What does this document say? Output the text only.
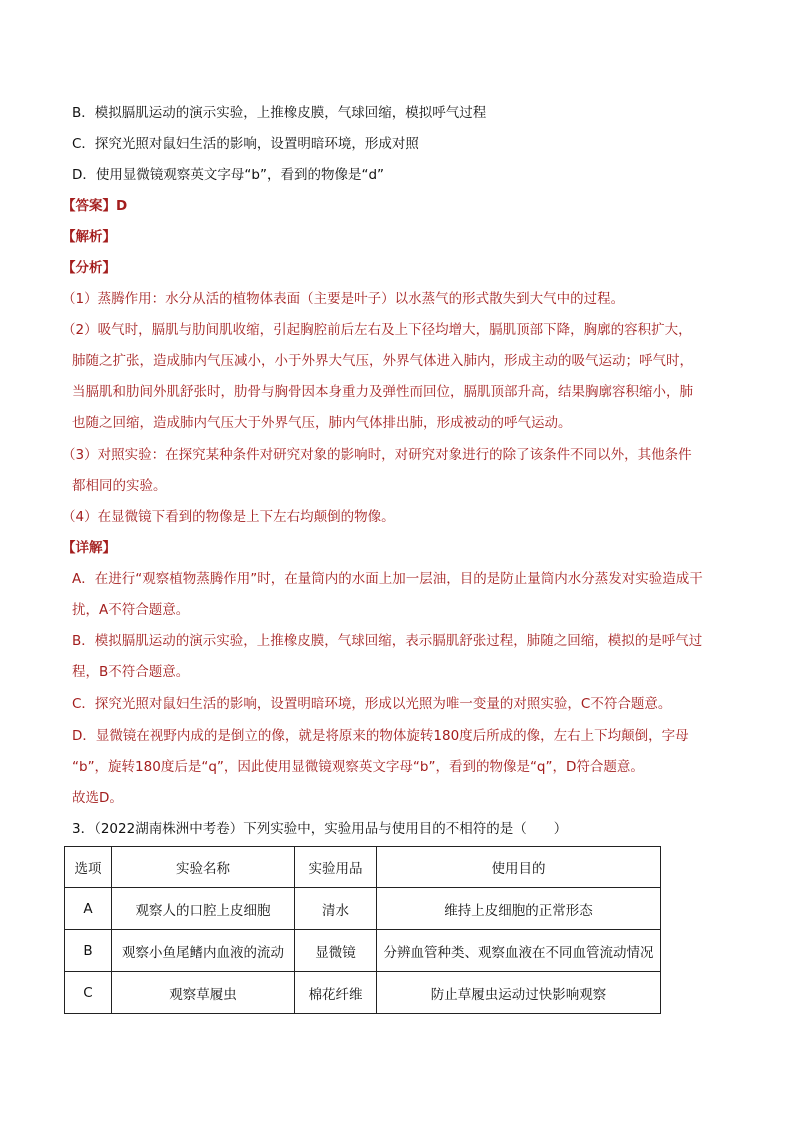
B．模拟膈肌运动的演示实验，上推橡皮膜，气球回缩，模拟呼气过程
C．探究光照对鼠妇生活的影响，设置明暗环境，形成对照
D．使用显微镜观察英文字母“b”，看到的物像是“d”
【答案】D
【解析】
【分析】
（1）蒸腾作用：水分从活的植物体表面（主要是叶子）以水蒸气的形式散失到大气中的过程。
（2）吸气时，膈肌与肋间肌收缩，引起胸腔前后左右及上下径均增大，膈肌顶部下降，胸廓的容积扩大，
肺随之扩张，造成肺内气压减小，小于外界大气压，外界气体进入肺内，形成主动的吸气运动；呼气时，
当膈肌和肋间外肌舒张时，肋骨与胸骨因本身重力及弹性而回位，膈肌顶部升高，结果胸廓容积缩小，肺
也随之回缩，造成肺内气压大于外界气压，肺内气体排出肺，形成被动的呼气运动。
（3）对照实验：在探究某种条件对研究对象的影响时，对研究对象进行的除了该条件不同以外，其他条件
都相同的实验。
（4）在显微镜下看到的物像是上下左右均颠倒的物像。
【详解】
A．在进行“观察植物蒸腾作用”时，在量筒内的水面上加一层油，目的是防止量筒内水分蒸发对实验造成干
扰，A不符合题意。
B．模拟膈肌运动的演示实验，上推橡皮膜，气球回缩，表示膈肌舒张过程，肺随之回缩，模拟的是呼气过
程，B不符合题意。
C．探究光照对鼠妇生活的影响，设置明暗环境，形成以光照为唯一变量的对照实验，C不符合题意。
D．显微镜在视野内成的是倒立的像，就是将原来的物体旋转180度后所成的像，左右上下均颠倒，字母
“b”，旋转180度后是“q”，因此使用显微镜观察英文字母“b”，看到的物像是“q”，D符合题意。
故选D。
3．（2022湖南株洲中考卷）下列实验中，实验用品与使用目的不相符的是（　　）
选项	实验名称	实验用品	使用目的
A	观察人的口腔上皮细胞	清水	维持上皮细胞的正常形态
B	观察小鱼尾鳍内血液的流动	显微镜	分辨血管种类、观察血液在不同血管流动情况
C	观察草履虫	棉花纤维	防止草履虫运动过快影响观察
